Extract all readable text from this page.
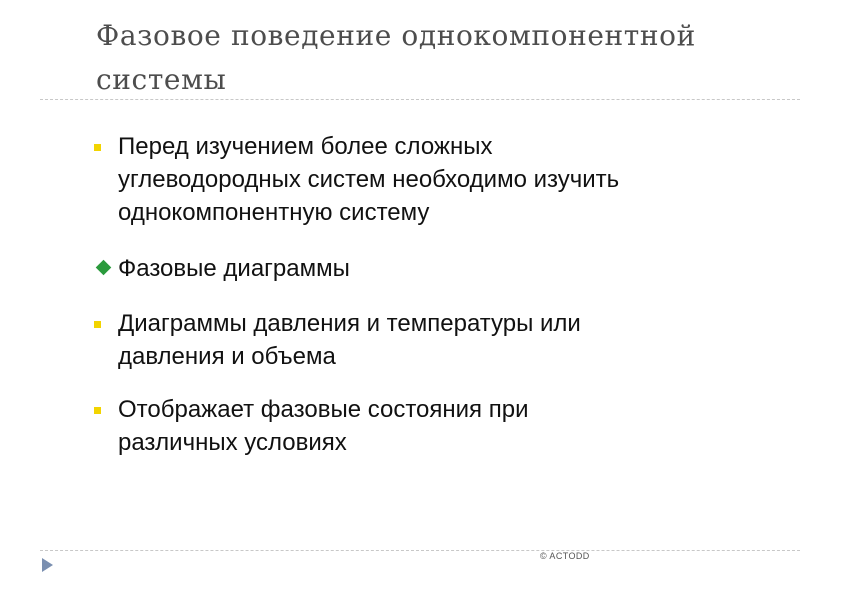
Фазовое поведение однокомпонентной системы
Перед изучением более сложных углеводородных систем необходимо изучить однокомпонентную систему
Фазовые диаграммы
Диаграммы давления и температуры или давления и объема
Отображает фазовые состояния при различных условиях
© ACTODD
